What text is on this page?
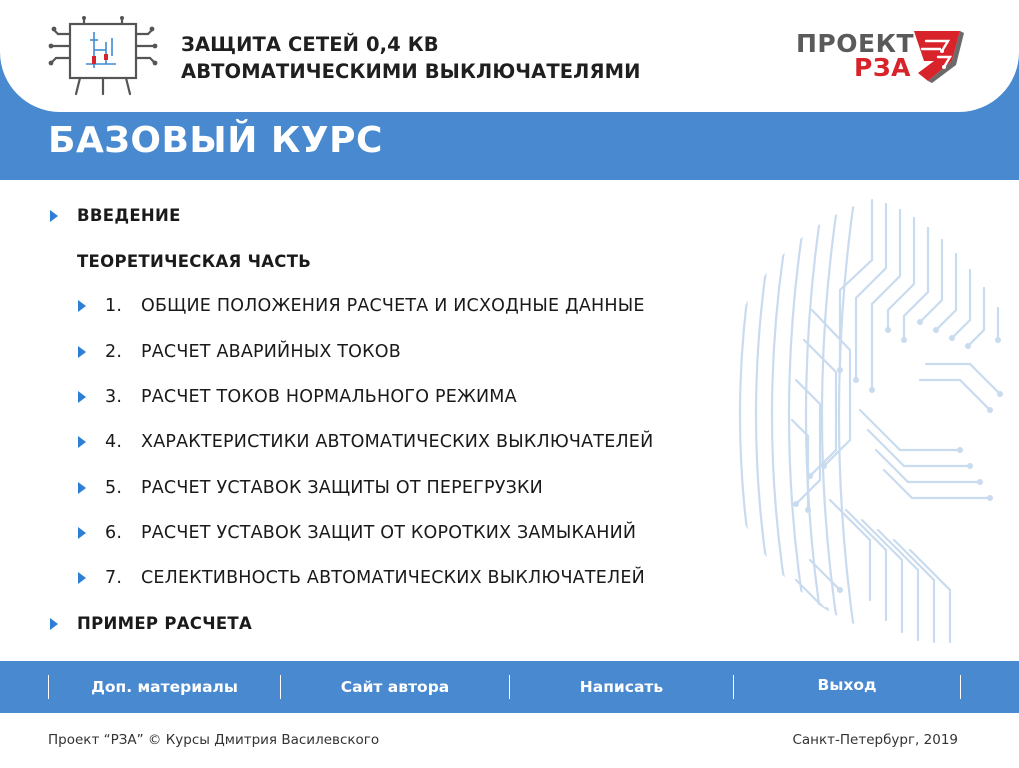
ЗАЩИТА СЕТЕЙ 0,4 КВ
АВТОМАТИЧЕСКИМИ ВЫКЛЮЧАТЕЛЯМИ
ПРОЕКТ
РЗА
БАЗОВЫЙ КУРС
ВВЕДЕНИЕ
ТЕОРЕТИЧЕСКАЯ ЧАСТЬ
1.	ОБЩИЕ ПОЛОЖЕНИЯ РАСЧЕТА И ИСХОДНЫЕ ДАННЫЕ
2.	РАСЧЕТ АВАРИЙНЫХ ТОКОВ
3.	РАСЧЕТ ТОКОВ НОРМАЛЬНОГО РЕЖИМА
4.	ХАРАКТЕРИСТИКИ АВТОМАТИЧЕСКИХ ВЫКЛЮЧАТЕЛЕЙ
5.	РАСЧЕТ УСТАВОК ЗАЩИТЫ ОТ ПЕРЕГРУЗКИ
6.	РАСЧЕТ УСТАВОК ЗАЩИТ ОТ КОРОТКИХ ЗАМЫКАНИЙ
7.	СЕЛЕКТИВНОСТЬ АВТОМАТИЧЕСКИХ ВЫКЛЮЧАТЕЛЕЙ
ПРИМЕР РАСЧЕТА
Доп. материалы	Сайт автора	Написать	Выход
Проект “РЗА” © Курсы Дмитрия Василевского	Санкт-Петербург, 2019
